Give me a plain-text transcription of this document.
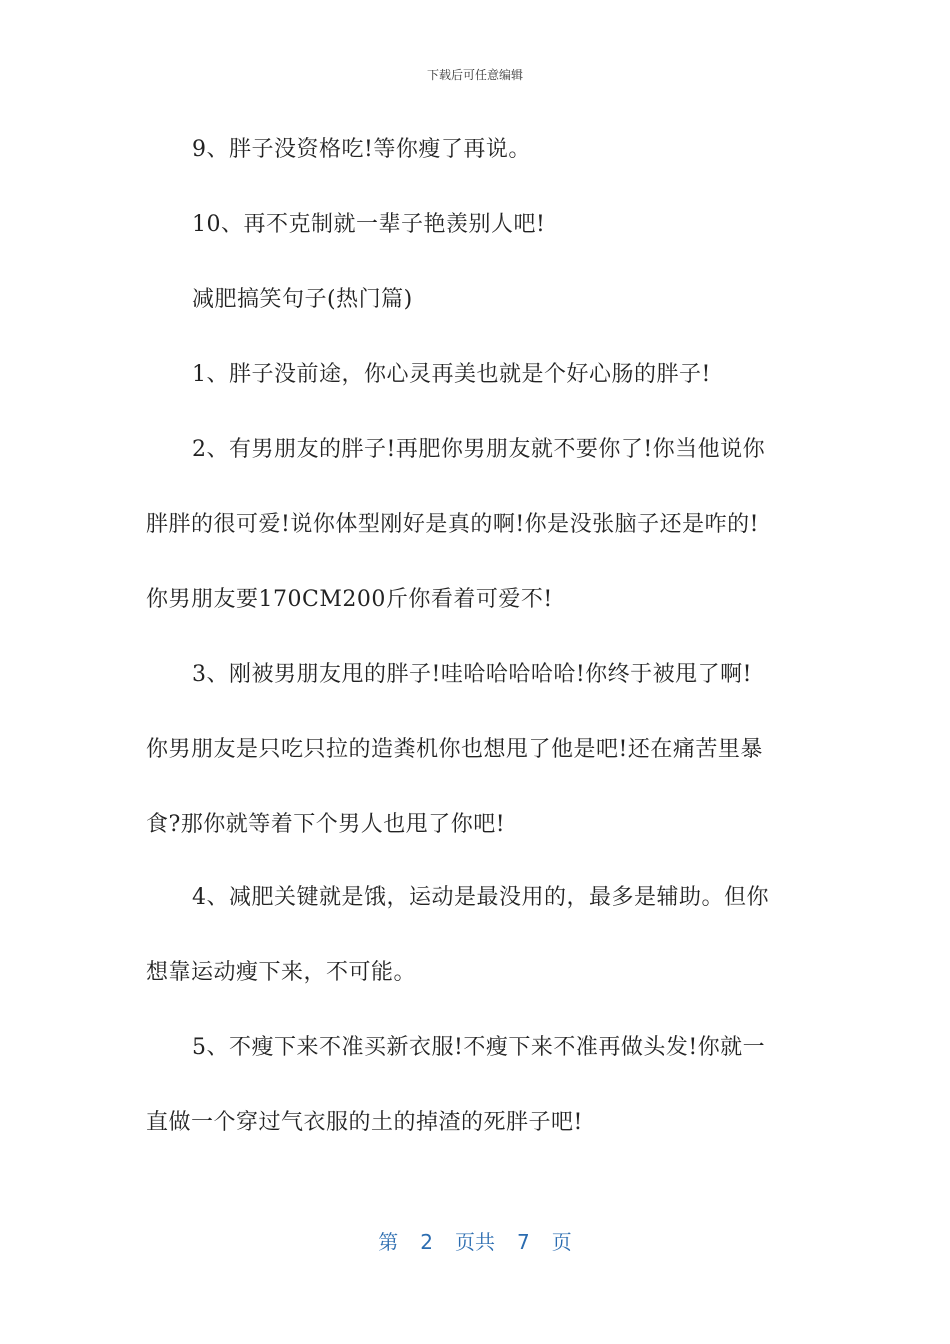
下载后可任意编辑
9、胖子没资格吃!等你瘦了再说。
10、再不克制就一辈子艳羡别人吧!
减肥搞笑句子(热门篇)
1、胖子没前途，你心灵再美也就是个好心肠的胖子!
2、有男朋友的胖子!再肥你男朋友就不要你了!你当他说你
胖胖的很可爱!说你体型刚好是真的啊!你是没张脑子还是咋的!
你男朋友要170CM200斤你看着可爱不!
3、刚被男朋友甩的胖子!哇哈哈哈哈哈!你终于被甩了啊!
你男朋友是只吃只拉的造粪机你也想甩了他是吧!还在痛苦里暴
食?那你就等着下个男人也甩了你吧!
4、减肥关键就是饿，运动是最没用的，最多是辅助。但你
想靠运动瘦下来，不可能。
5、不瘦下来不准买新衣服!不瘦下来不准再做头发!你就一
直做一个穿过气衣服的土的掉渣的死胖子吧!
第 2 页共 7 页
